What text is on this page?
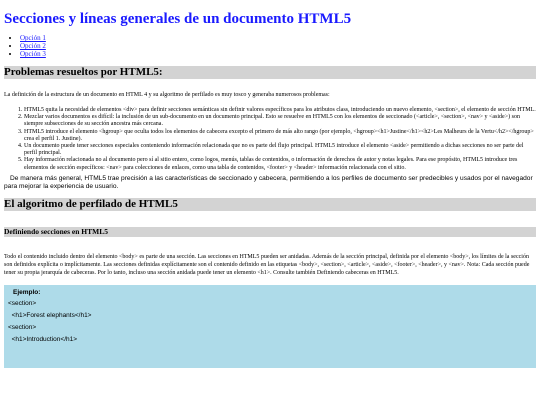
Secciones y líneas generales de un documento HTML5
• Opción 1
• Opción 2
• Opción 3
Problemas resueltos por HTML5:

La definición de la estructura de un documento en HTML 4 y su algoritmo de perfilado es muy tosco y generaba numerosos problemas:

1. HTML5 quita la necesidad de elementos <div> para definir secciones semánticas sin definir valores específicos para los atributos class, introduciendo un nuevo elemento, <section>, el elemento de sección HTML.
2. Mezclar varios documentos es difícil: la inclusión de un sub-documento en un documento principal. Esto se resuelve en HTML5 con los elementos de seccionado (<article>, <section>, <nav> y <aside>) son siempre subsecciones de su sección ancestra más cercana.
3. HTML5 introduce el elemento <hgroup> que oculta todos los elementos de cabecera excepto el primero de más alto rango (por ejemplo, <hgroup><h1>Justine</h1><h2>Les Malheurs de la Vertu</h2></hgroup> crea el perfil 1. Justine).
4. Un documento puede tener secciones especiales conteniendo información relacionada que no es parte del flujo principal. HTML5 introduce el elemento <aside> permitiendo a dichas secciones no ser parte del perfil principal.
5. Hay información relacionada no al documento pero sí al sitio entero, como logos, menús, tablas de contenidos, o información de derechos de autor y notas legales. Para ese propósito, HTML5 introduce tres elementos de sección específicos: <nav> para colecciones de enlaces, como una tabla de contenidos, <footer> y <header> información relacionada con el sitio.

De manera más general, HTML5 trae precisión a las características de seccionado y cabecera, permitiendo a los perfiles de documento ser predecibles y usados por el navegador para mejorar la experiencia de usuario.

El algoritmo de perfilado de HTML5
Definiendo secciones en HTML5

Todo el contenido incluido dentro del elemento <body> es parte de una sección. Las secciones en HTML5 pueden ser anidadas. Además de la sección principal, definida por el elemento <body>, los límites de la sección son definidos explícita o implícitamente. Las secciones definidas explícitamente son el contenido definido en las etiquetas <body>, <section>, <article>, <aside>, <footer>, <header>, y <nav>. Nota: Cada sección puede tener su propia jerarquía de cabeceras. Por lo tanto, incluso una sección anidada puede tener un elemento <h1>. Consulte también Definiendo cabeceras en HTML5.

Ejemplo:
<section>
<h1>Forest elephants</h1>
<section>
<h1>Introduction</h1>
